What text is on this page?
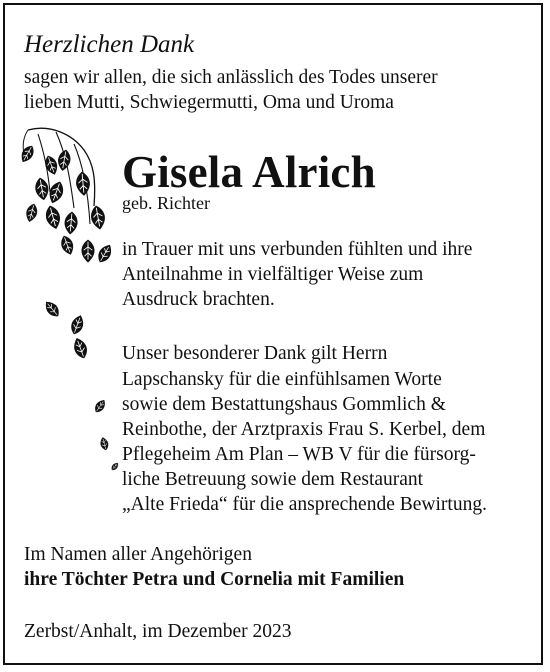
Herzlichen Dank
sagen wir allen, die sich anlässlich des Todes unserer
lieben Mutti, Schwiegermutti, Oma und Uroma
Gisela Alrich
geb. Richter
in Trauer mit uns verbunden fühlten und ihre
Anteilnahme in vielfältiger Weise zum
Ausdruck brachten.
Unser besonderer Dank gilt Herrn
Lapschansky für die einfühlsamen Worte
sowie dem Bestattungshaus Gommlich &
Reinbothe, der Arztpraxis Frau S. Kerbel, dem
Pflegeheim Am Plan – WB V für die fürsorg-
liche Betreuung sowie dem Restaurant
„Alte Frieda“ für die ansprechende Bewirtung.
Im Namen aller Angehörigen
ihre Töchter Petra und Cornelia mit Familien
Zerbst/Anhalt, im Dezember 2023
